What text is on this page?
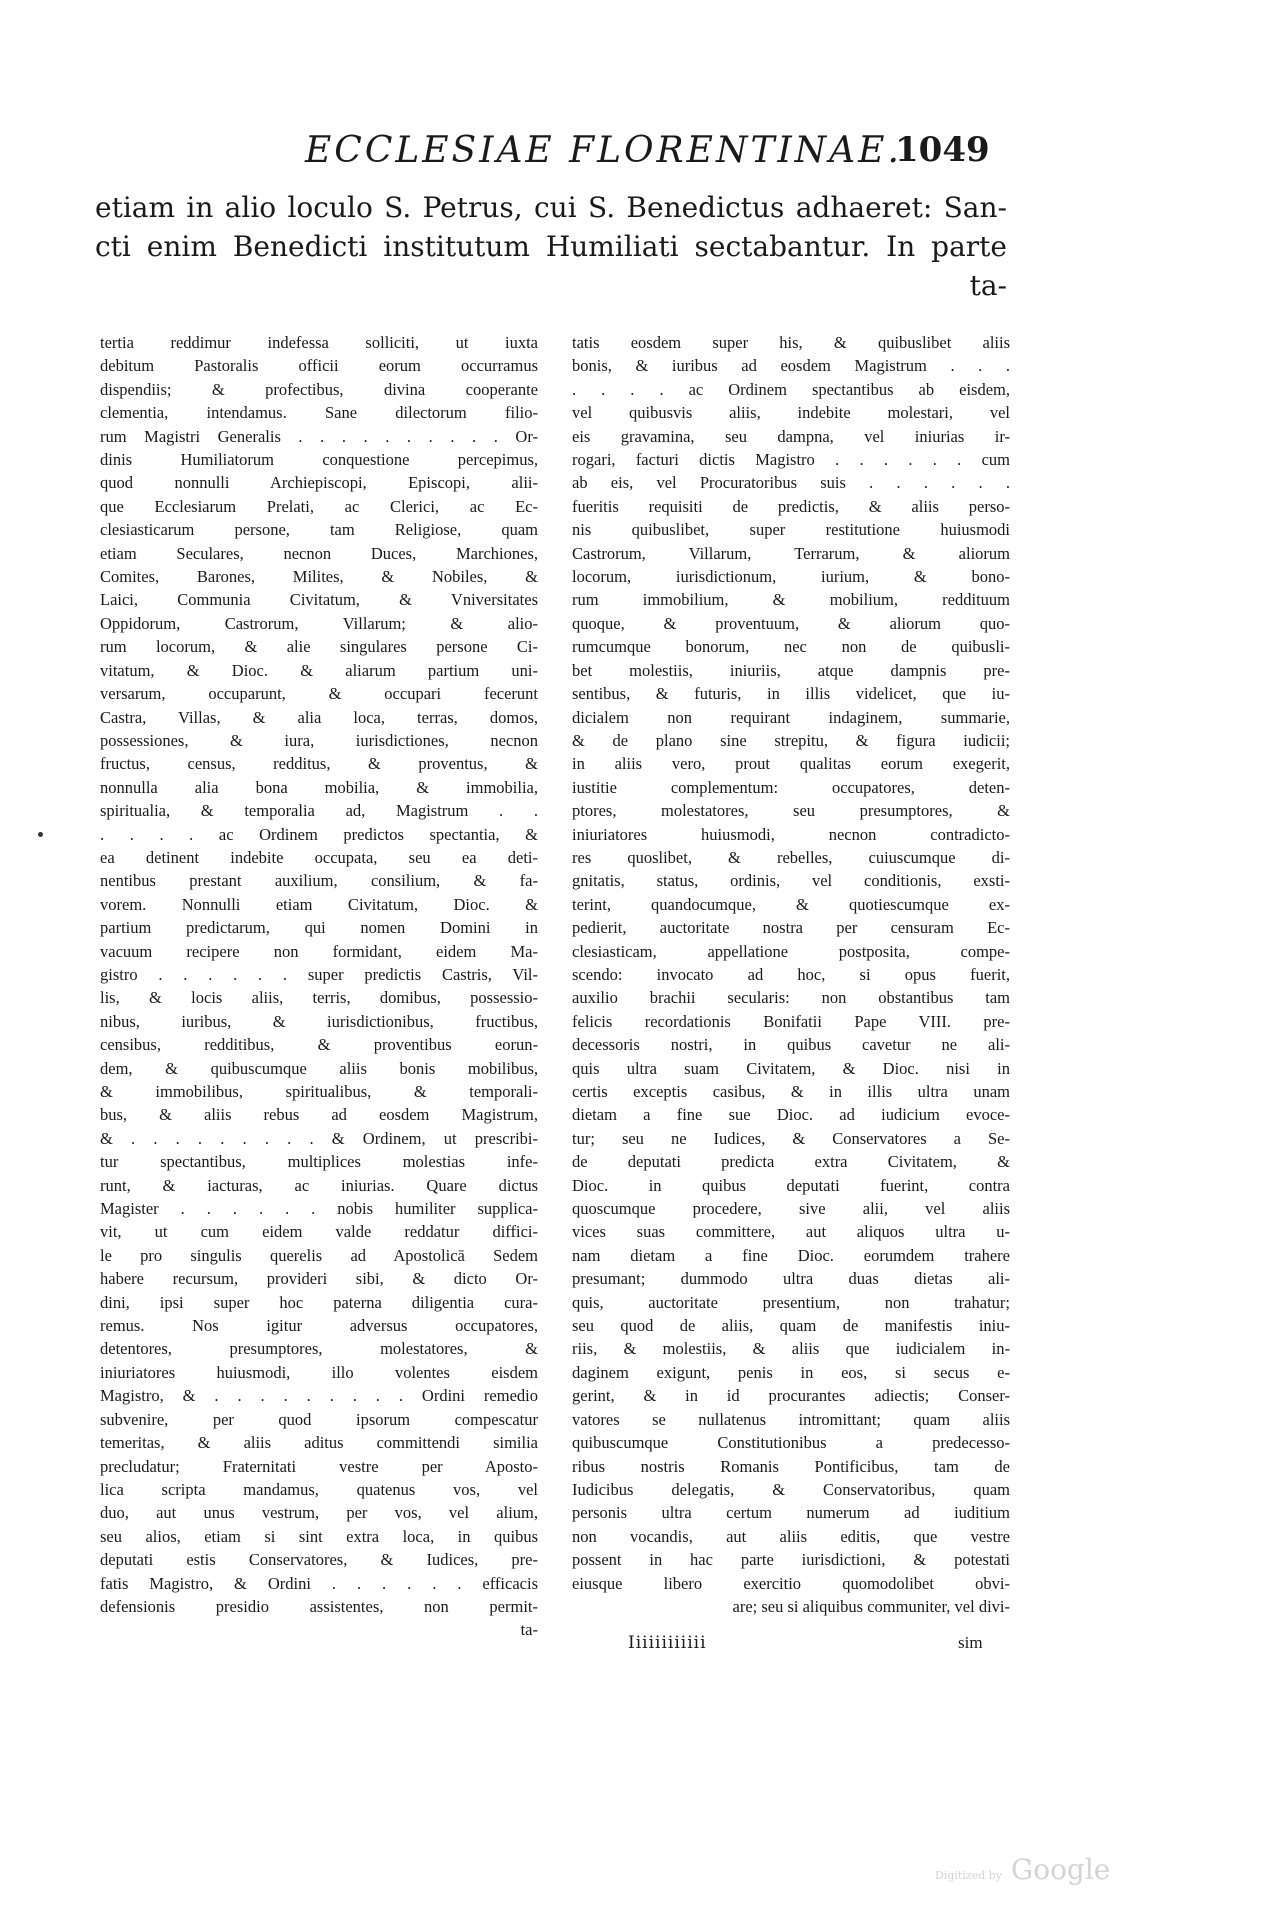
ECCLESIAE FLORENTINAE.
1049
etiam in alio loculo S. Petrus, cui S. Benedictus adhaeret: San-
cti enim Benedicti institutum Humiliati sectabantur. In parte
ta-
tertia reddimur indefessa solliciti, ut iuxta
debitum Pastoralis officii eorum occurramus
dispendiis; & profectibus, divina cooperante
clementia, intendamus. Sane dilectorum filio-
rum Magistri Generalis . . . . . . . . . . Or-
dinis Humiliatorum conquestione percepimus,
quod nonnulli Archiepiscopi, Episcopi, alii-
que Ecclesiarum Prelati, ac Clerici, ac Ec-
clesiasticarum persone, tam Religiose, quam
etiam Seculares, necnon Duces, Marchiones,
Comites, Barones, Milites, & Nobiles, &
Laici, Communia Civitatum, & Vniversitates
Oppidorum, Castrorum, Villarum; & alio-
rum locorum, & alie singulares persone Ci-
vitatum, & Dioc. & aliarum partium uni-
versarum, occuparunt, & occupari fecerunt
Castra, Villas, & alia loca, terras, domos,
possessiones, & iura, iurisdictiones, necnon
fructus, census, redditus, & proventus, &
nonnulla alia bona mobilia, & immobilia,
spiritualia, & temporalia ad, Magistrum . .
. . . . ac Ordinem predictos spectantia, &
ea detinent indebite occupata, seu ea deti-
nentibus prestant auxilium, consilium, & fa-
vorem. Nonnulli etiam Civitatum, Dioc. &
partium predictarum, qui nomen Domini in
vacuum recipere non formidant, eidem Ma-
gistro . . . . . . super predictis Castris, Vil-
lis, & locis aliis, terris, domibus, possessio-
nibus, iuribus, & iurisdictionibus, fructibus,
censibus, redditibus, & proventibus eorun-
dem, & quibuscumque aliis bonis mobilibus,
& immobilibus, spiritualibus, & temporali-
bus, & aliis rebus ad eosdem Magistrum,
& . . . . . . . . . & Ordinem, ut prescribi-
tur spectantibus, multiplices molestias infe-
runt, & iacturas, ac iniurias. Quare dictus
Magister . . . . . . nobis humiliter supplica-
vit, ut cum eidem valde reddatur diffici-
le pro singulis querelis ad Apostolicā Sedem
habere recursum, provideri sibi, & dicto Or-
dini, ipsi super hoc paterna diligentia cura-
remus. Nos igitur adversus occupatores,
detentores, presumptores, molestatores, &
iniuriatores huiusmodi, illo volentes eisdem
Magistro, & . . . . . . . . . Ordini remedio
subvenire, per quod ipsorum compescatur
temeritas, & aliis aditus committendi similia
precludatur; Fraternitati vestre per Aposto-
lica scripta mandamus, quatenus vos, vel
duo, aut unus vestrum, per vos, vel alium,
seu alios, etiam si sint extra loca, in quibus
deputati estis Conservatores, & Iudices, pre-
fatis Magistro, & Ordini . . . . . . efficacis
defensionis presidio assistentes, non permit-
ta-
tatis eosdem super his, & quibuslibet aliis
bonis, & iuribus ad eosdem Magistrum . . .
. . . . ac Ordinem spectantibus ab eisdem,
vel quibusvis aliis, indebite molestari, vel
eis gravamina, seu dampna, vel iniurias ir-
rogari, facturi dictis Magistro . . . . . . cum
ab eis, vel Procuratoribus suis . . . . . .
fueritis requisiti de predictis, & aliis perso-
nis quibuslibet, super restitutione huiusmodi
Castrorum, Villarum, Terrarum, & aliorum
locorum, iurisdictionum, iurium, & bono-
rum immobilium, & mobilium, reddituum
quoque, & proventuum, & aliorum quo-
rumcumque bonorum, nec non de quibusli-
bet molestiis, iniuriis, atque dampnis pre-
sentibus, & futuris, in illis videlicet, que iu-
dicialem non requirant indaginem, summarie,
& de plano sine strepitu, & figura iudicii;
in aliis vero, prout qualitas eorum exegerit,
iustitie complementum: occupatores, deten-
ptores, molestatores, seu presumptores, &
iniuriatores huiusmodi, necnon contradicto-
res quoslibet, & rebelles, cuiuscumque di-
gnitatis, status, ordinis, vel conditionis, exsti-
terint, quandocumque, & quotiescumque ex-
pedierit, auctoritate nostra per censuram Ec-
clesiasticam, appellatione postposita, compe-
scendo: invocato ad hoc, si opus fuerit,
auxilio brachii secularis: non obstantibus tam
felicis recordationis Bonifatii Pape VIII. pre-
decessoris nostri, in quibus cavetur ne ali-
quis ultra suam Civitatem, & Dioc. nisi in
certis exceptis casibus, & in illis ultra unam
dietam a fine sue Dioc. ad iudicium evoce-
tur; seu ne Iudices, & Conservatores a Se-
de deputati predicta extra Civitatem, &
Dioc. in quibus deputati fuerint, contra
quoscumque procedere, sive alii, vel aliis
vices suas committere, aut aliquos ultra u-
nam dietam a fine Dioc. eorumdem trahere
presumant; dummodo ultra duas dietas ali-
quis, auctoritate presentium, non trahatur;
seu quod de aliis, quam de manifestis iniu-
riis, & molestiis, & aliis que iudicialem in-
daginem exigunt, penis in eos, si secus e-
gerint, & in id procurantes adiectis; Conser-
vatores se nullatenus intromittant; quam aliis
quibuscumque Constitutionibus a predecesso-
ribus nostris Romanis Pontificibus, tam de
Iudicibus delegatis, & Conservatoribus, quam
personis ultra certum numerum ad iuditium
non vocandis, aut aliis editis, que vestre
possent in hac parte iurisdictioni, & potestati
eiusque libero exercitio quomodolibet obvi-
are; seu si aliquibus communiter, vel divi-
Iiiiiiiiiiii	sim
Digitized by Google
